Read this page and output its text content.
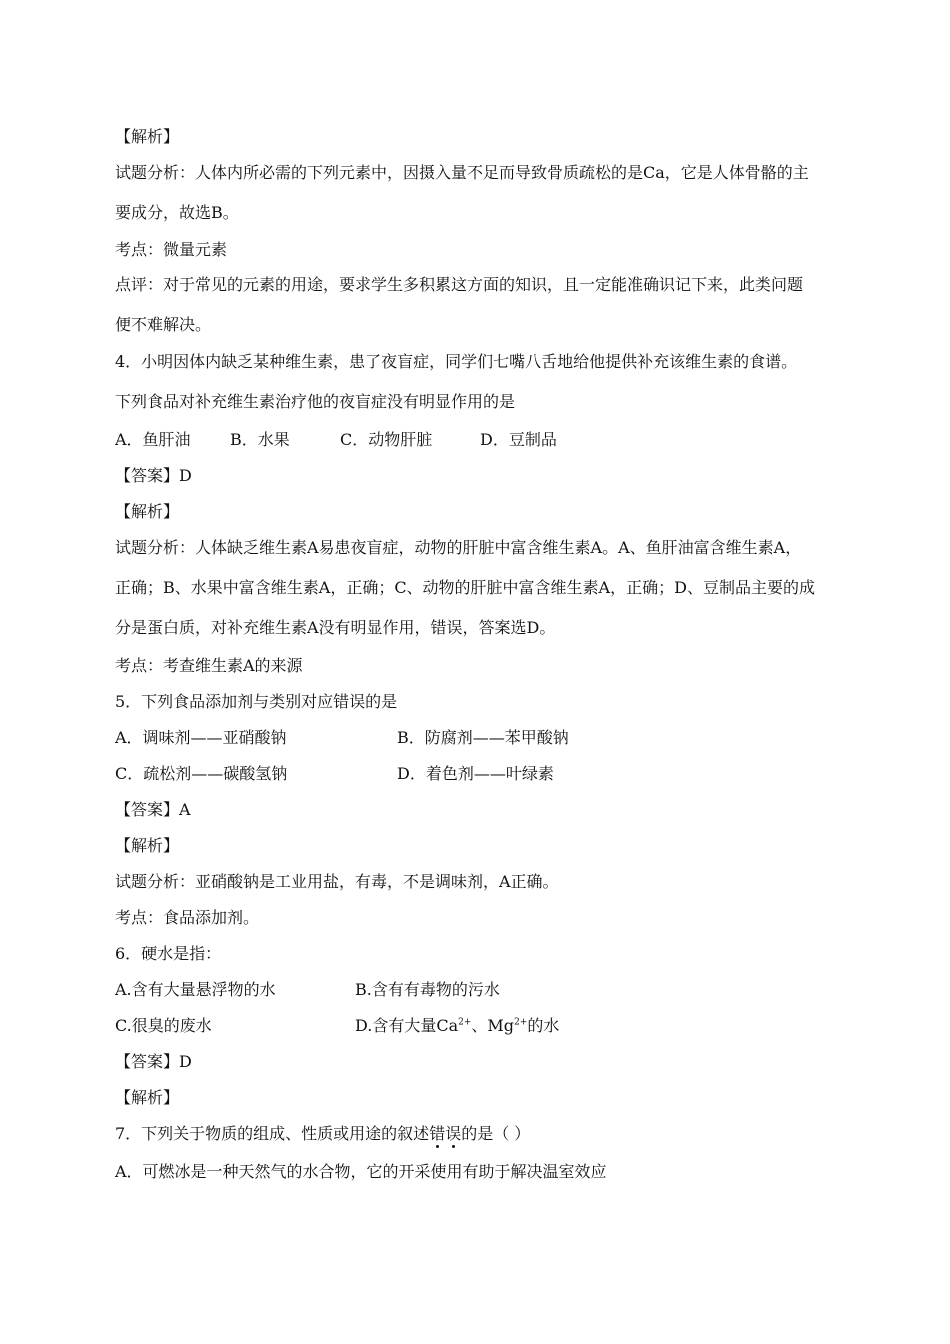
【解析】
试题分析：人体内所必需的下列元素中，因摄入量不足而导致骨质疏松的是Ca，它是人体骨骼的主
要成分，故选B。
考点：微量元素
点评：对于常见的元素的用途，要求学生多积累这方面的知识，且一定能准确识记下来，此类问题
便不难解决。
4．小明因体内缺乏某种维生素，患了夜盲症，同学们七嘴八舌地给他提供补充该维生素的食谱。
下列食品对补充维生素治疗他的夜盲症没有明显作用的是
A．鱼肝油 B．水果	C．动物肝脏	D．豆制品
【答案】D
【解析】
试题分析：人体缺乏维生素A易患夜盲症，动物的肝脏中富含维生素A。A、鱼肝油富含维生素A，
正确；B、水果中富含维生素A，正确；C、动物的肝脏中富含维生素A，正确；D、豆制品主要的成
分是蛋白质，对补充维生素A没有明显作用，错误，答案选D。
考点：考查维生素A的来源
5．下列食品添加剂与类别对应错误的是
A．调味剂——亚硝酸钠	B．防腐剂——苯甲酸钠
C．疏松剂——碳酸氢钠	D．着色剂——叶绿素
【答案】A
【解析】
试题分析：亚硝酸钠是工业用盐，有毒，不是调味剂，A正确。
考点：食品添加剂。
6．硬水是指：
A.含有大量悬浮物的水	B.含有有毒物的污水
C.很臭的废水	D.含有大量$Ca^{2+}$、$Mg^{2+}$的水
【答案】D
【解析】
7．下列关于物质的组成、性质或用途的叙述错误的是（ ）
A．可燃冰是一种天然气的水合物，它的开采使用有助于解决温室效应
